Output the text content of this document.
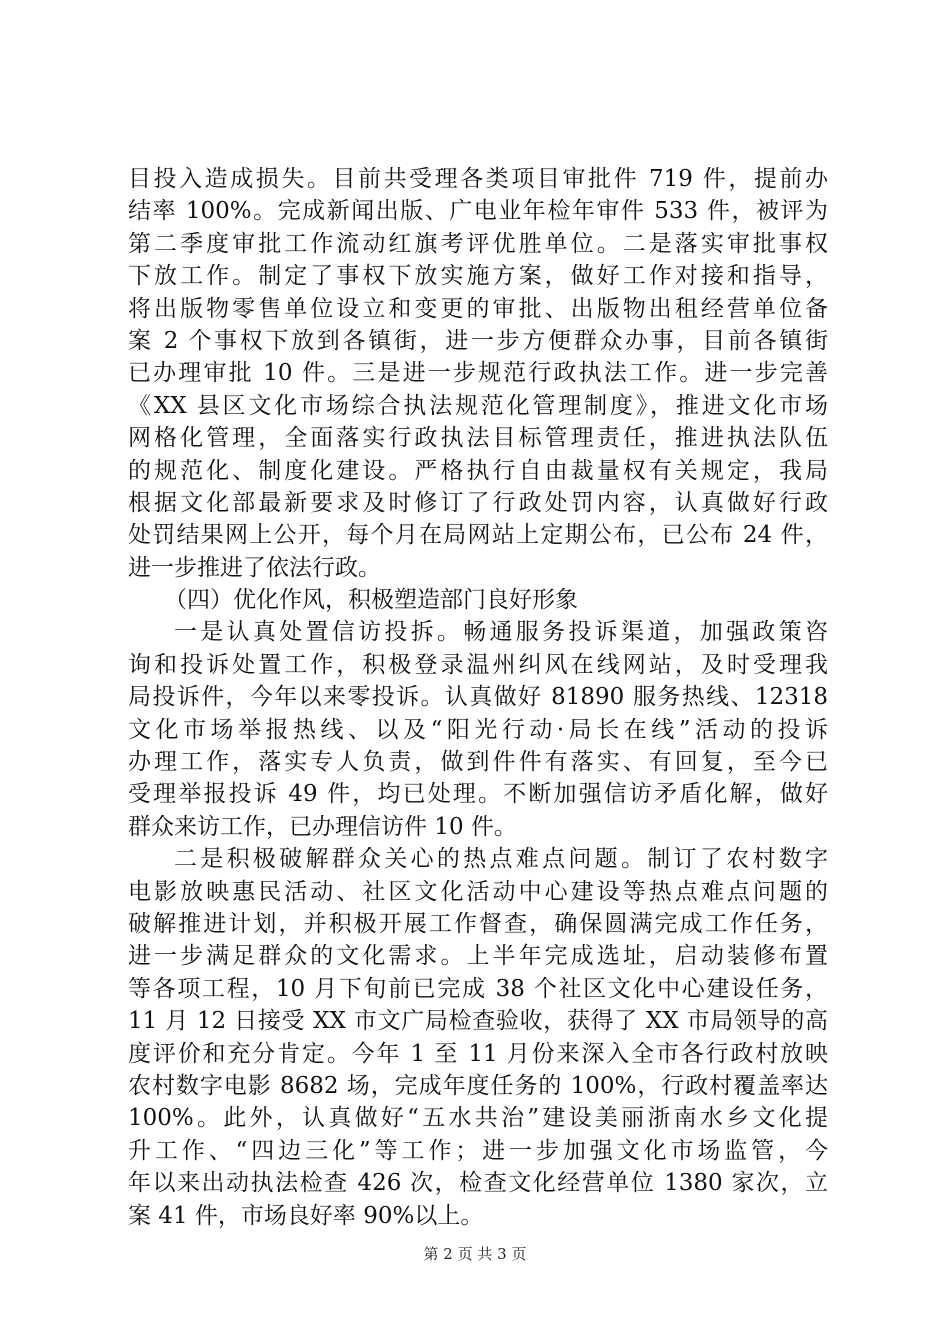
目投入造成损失。目前共受理各类项目审批件 719 件，提前办
结率 100%。完成新闻出版、广电业年检年审件 533 件，被评为
第二季度审批工作流动红旗考评优胜单位。二是落实审批事权
下放工作。制定了事权下放实施方案，做好工作对接和指导，
将出版物零售单位设立和变更的审批、出版物出租经营单位备
案 2 个事权下放到各镇街，进一步方便群众办事，目前各镇街
已办理审批 10 件。三是进一步规范行政执法工作。进一步完善
《XX 县区文化市场综合执法规范化管理制度》，推进文化市场
网格化管理，全面落实行政执法目标管理责任，推进执法队伍
的规范化、制度化建设。严格执行自由裁量权有关规定，我局
根据文化部最新要求及时修订了行政处罚内容，认真做好行政
处罚结果网上公开，每个月在局网站上定期公布，已公布 24 件，
进一步推进了依法行政。
（四）优化作风，积极塑造部门良好形象
一是认真处置信访投拆。畅通服务投诉渠道，加强政策咨
询和投诉处置工作，积极登录温州纠风在线网站，及时受理我
局投诉件，今年以来零投诉。认真做好 81890 服务热线、12318
文化市场举报热线、以及“阳光行动·局长在线”活动的投诉
办理工作，落实专人负责，做到件件有落实、有回复，至今已
受理举报投诉 49 件，均已处理。不断加强信访矛盾化解，做好
群众来访工作，已办理信访件 10 件。
二是积极破解群众关心的热点难点问题。制订了农村数字
电影放映惠民活动、社区文化活动中心建设等热点难点问题的
破解推进计划，并积极开展工作督查，确保圆满完成工作任务，
进一步满足群众的文化需求。上半年完成选址，启动装修布置
等各项工程，10 月下旬前已完成 38 个社区文化中心建设任务，
11 月 12 日接受 XX 市文广局检查验收，获得了 XX 市局领导的高
度评价和充分肯定。今年 1 至 11 月份来深入全市各行政村放映
农村数字电影 8682 场，完成年度任务的 100%，行政村覆盖率达
100%。此外，认真做好“五水共治”建设美丽浙南水乡文化提
升工作、“四边三化”等工作；进一步加强文化市场监管，今
年以来出动执法检查 426 次，检查文化经营单位 1380 家次，立
案 41 件，市场良好率 90%以上。
第 2 页 共 3 页
